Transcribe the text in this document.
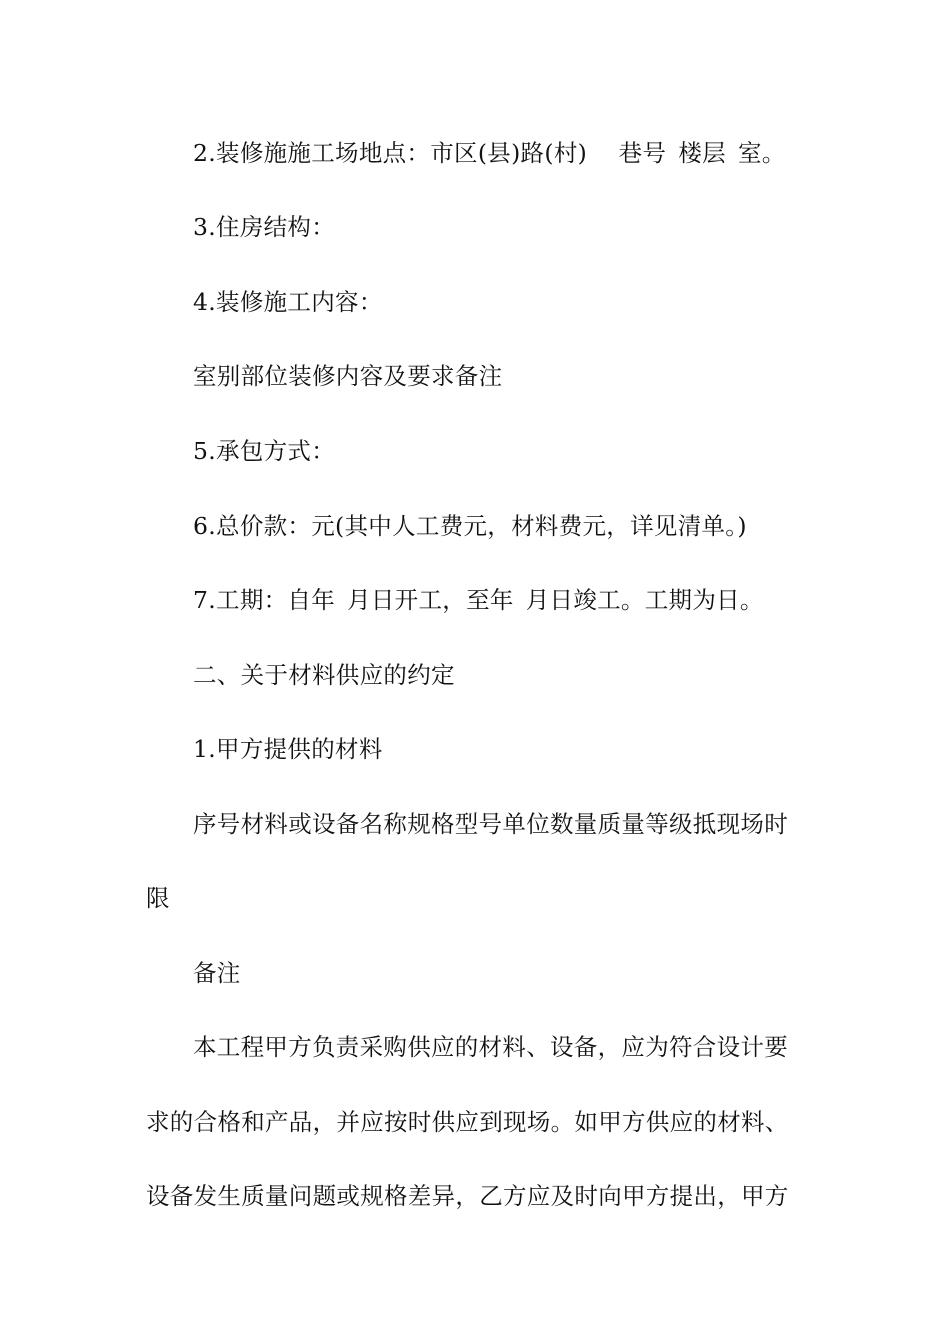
2.装修施施工场地点：市区(县)路(村)　 巷号 楼层 室。
3.住房结构：
4.装修施工内容：
室别部位装修内容及要求备注
5.承包方式：
6.总价款：元(其中人工费元，材料费元，详见清单。)
7.工期：自年 月日开工，至年 月日竣工。工期为日。
二、关于材料供应的约定
1.甲方提供的材料
序号材料或设备名称规格型号单位数量质量等级抵现场时
限
备注
本工程甲方负责采购供应的材料、设备，应为符合设计要
求的合格和产品，并应按时供应到现场。如甲方供应的材料、
设备发生质量问题或规格差异，乙方应及时向甲方提出，甲方
